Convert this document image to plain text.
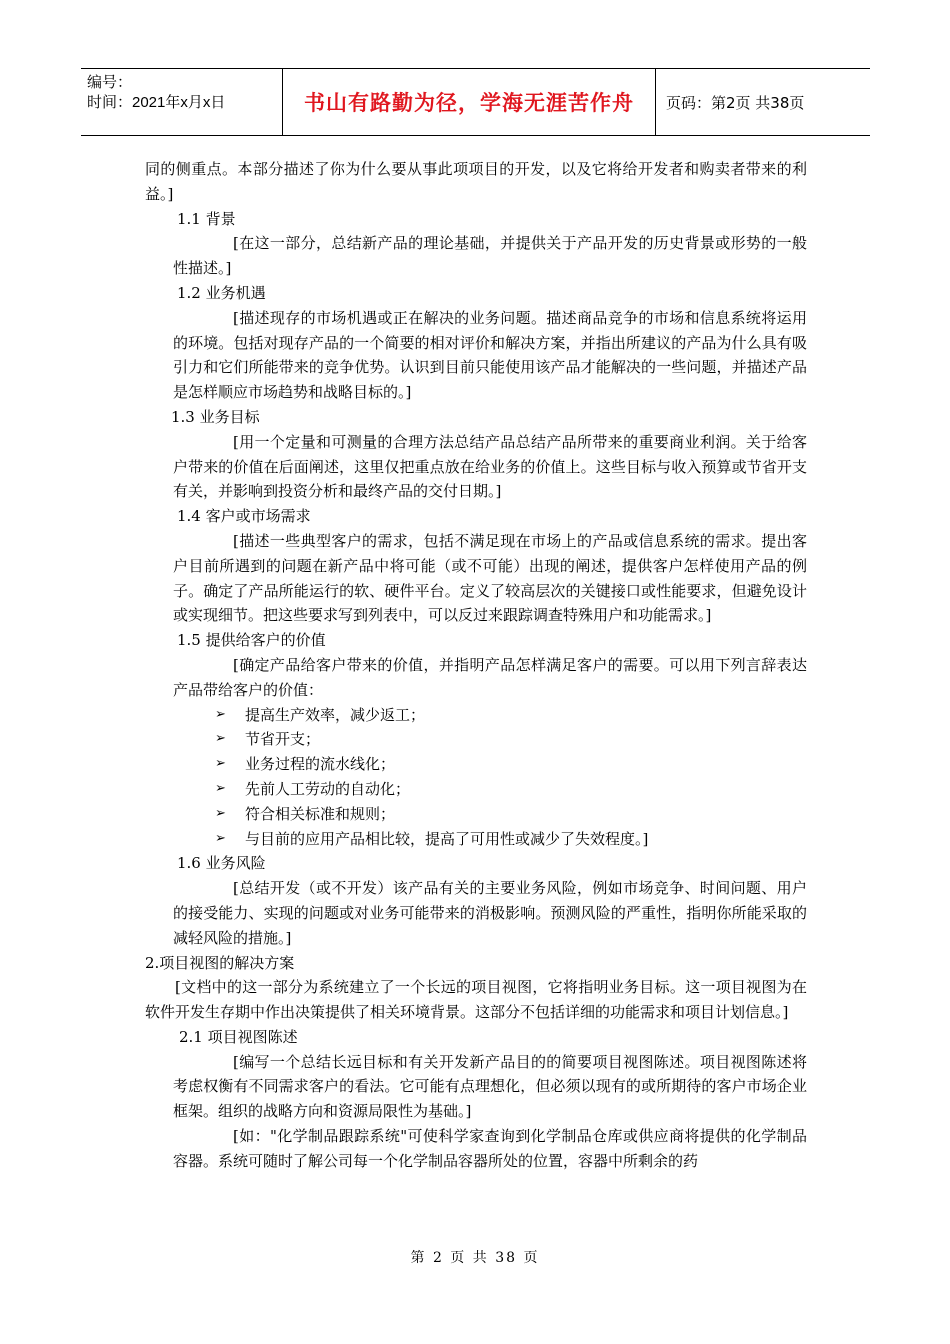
编号：
时间：2021年x月x日	书山有路勤为径，学海无涯苦作舟 页码：第2页 共38页

同的侧重点。本部分描述了你为什么要从事此项项目的开发，以及它将给开发者和购卖者带来的利益。]

1.1 背景

[在这一部分，总结新产品的理论基础，并提供关于产品开发的历史背景或形势的一般性描述。]

1.2 业务机遇

[描述现存的市场机遇或正在解决的业务问题。描述商品竞争的市场和信息系统将运用的环境。包括对现存产品的一个简要的相对评价和解决方案，并指出所建议的产品为什么具有吸引力和它们所能带来的竞争优势。认识到目前只能使用该产品才能解决的一些问题，并描述产品是怎样顺应市场趋势和战略目标的。]

1.3 业务目标

[用一个定量和可测量的合理方法总结产品总结产品所带来的重要商业利润。关于给客户带来的价值在后面阐述，这里仅把重点放在给业务的价值上。这些目标与收入预算或节省开支有关，并影响到投资分析和最终产品的交付日期。]

1.4 客户或市场需求

[描述一些典型客户的需求，包括不满足现在市场上的产品或信息系统的需求。提出客户目前所遇到的问题在新产品中将可能（或不可能）出现的阐述，提供客户怎样使用产品的例子。确定了产品所能运行的软、硬件平台。定义了较高层次的关键接口或性能要求，但避免设计或实现细节。把这些要求写到列表中，可以反过来跟踪调查特殊用户和功能需求。]

1.5 提供给客户的价值

[确定产品给客户带来的价值，并指明产品怎样满足客户的需要。可以用下列言辞表达产品带给客户的价值：

➢ 提高生产效率，减少返工；
➢ 节省开支；
➢ 业务过程的流水线化；
➢ 先前人工劳动的自动化；
➢ 符合相关标准和规则；
➢ 与目前的应用产品相比较，提高了可用性或减少了失效程度。]

1.6 业务风险

[总结开发（或不开发）该产品有关的主要业务风险，例如市场竞争、时间问题、用户的接受能力、实现的问题或对业务可能带来的消极影响。预测风险的严重性，指明你所能采取的减轻风险的措施。]

2.项目视图的解决方案

[文档中的这一部分为系统建立了一个长远的项目视图，它将指明业务目标。这一项目视图为在软件开发生存期中作出决策提供了相关环境背景。这部分不包括详细的功能需求和项目计划信息。]

2.1 项目视图陈述

[编写一个总结长远目标和有关开发新产品目的的简要项目视图陈述。项目视图陈述将考虑权衡有不同需求客户的看法。它可能有点理想化，但必须以现有的或所期待的客户市场企业框架。组织的战略方向和资源局限性为基础。]

[如："化学制品跟踪系统"可使科学家查询到化学制品仓库或供应商将提供的化学制品容器。系统可随时了解公司每一个化学制品容器所处的位置，容器中所剩余的药

第 2 页 共 38 页
